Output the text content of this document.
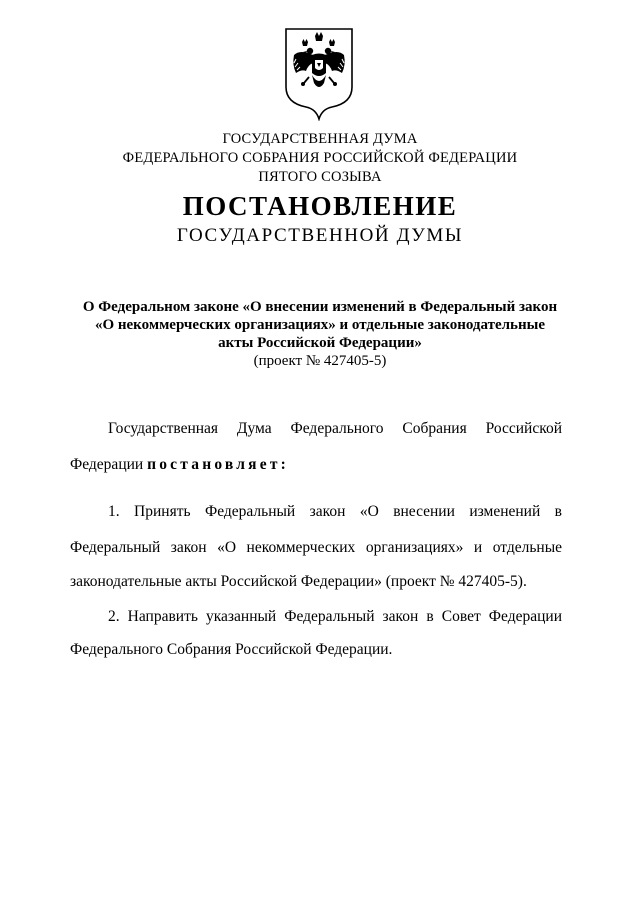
ГОСУДАРСТВЕННАЯ ДУМА
ФЕДЕРАЛЬНОГО СОБРАНИЯ РОССИЙСКОЙ ФЕДЕРАЦИИ
ПЯТОГО СОЗЫВА
ПОСТАНОВЛЕНИЕ
ГОСУДАРСТВЕННОЙ ДУМЫ
О Федеральном законе «О внесении изменений в Федеральный закон
«О некоммерческих организациях» и отдельные законодательные
акты Российской Федерации»
(проект № 427405-5)
Государственная Дума Федерального Собрания Российской
Федерации постановляет:
1. Принять Федеральный закон «О внесении изменений в
Федеральный закон «О некоммерческих организациях» и отдельные
законодательные акты Российской Федерации» (проект № 427405-5).
2. Направить указанный Федеральный закон в Совет Федерации
Федерального Собрания Российской Федерации.
